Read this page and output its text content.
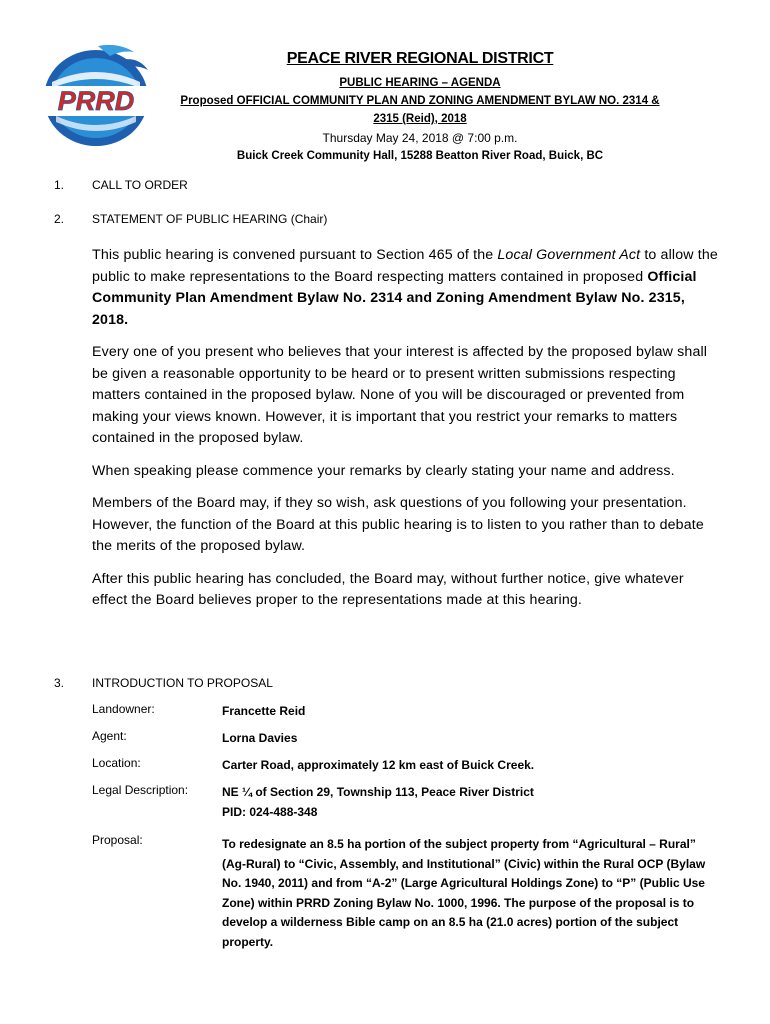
PRRD
PEACE RIVER REGIONAL DISTRICT
PUBLIC HEARING – AGENDA
Proposed OFFICIAL COMMUNITY PLAN AND ZONING AMENDMENT BYLAW NO. 2314 &
2315 (Reid), 2018
Thursday May 24, 2018 @ 7:00 p.m.
Buick Creek Community Hall, 15288 Beatton River Road, Buick, BC
1. CALL TO ORDER
2. STATEMENT OF PUBLIC HEARING (Chair)

This public hearing is convened pursuant to Section 465 of the Local Government Act to allow the public to make representations to the Board respecting matters contained in proposed Official Community Plan Amendment Bylaw No. 2314 and Zoning Amendment Bylaw No. 2315, 2018.

Every one of you present who believes that your interest is affected by the proposed bylaw shall be given a reasonable opportunity to be heard or to present written submissions respecting matters contained in the proposed bylaw. None of you will be discouraged or prevented from making your views known. However, it is important that you restrict your remarks to matters contained in the proposed bylaw.

When speaking please commence your remarks by clearly stating your name and address.

Members of the Board may, if they so wish, ask questions of you following your presentation. However, the function of the Board at this public hearing is to listen to you rather than to debate the merits of the proposed bylaw.

After this public hearing has concluded, the Board may, without further notice, give whatever effect the Board believes proper to the representations made at this hearing.

3. INTRODUCTION TO PROPOSAL
Landowner:	Francette Reid
Agent:	Lorna Davies
Location:	Carter Road, approximately 12 km east of Buick Creek.
Legal Description:	NE ¼ of Section 29, Township 113, Peace River District
PID: 024-488-348
Proposal:	To redesignate an 8.5 ha portion of the subject property from “Agricultural – Rural” (Ag-Rural) to “Civic, Assembly, and Institutional” (Civic) within the Rural OCP (Bylaw No. 1940, 2011) and from “A-2” (Large Agricultural Holdings Zone) to “P” (Public Use Zone) within PRRD Zoning Bylaw No. 1000, 1996. The purpose of the proposal is to develop a wilderness Bible camp on an 8.5 ha (21.0 acres) portion of the subject property.
